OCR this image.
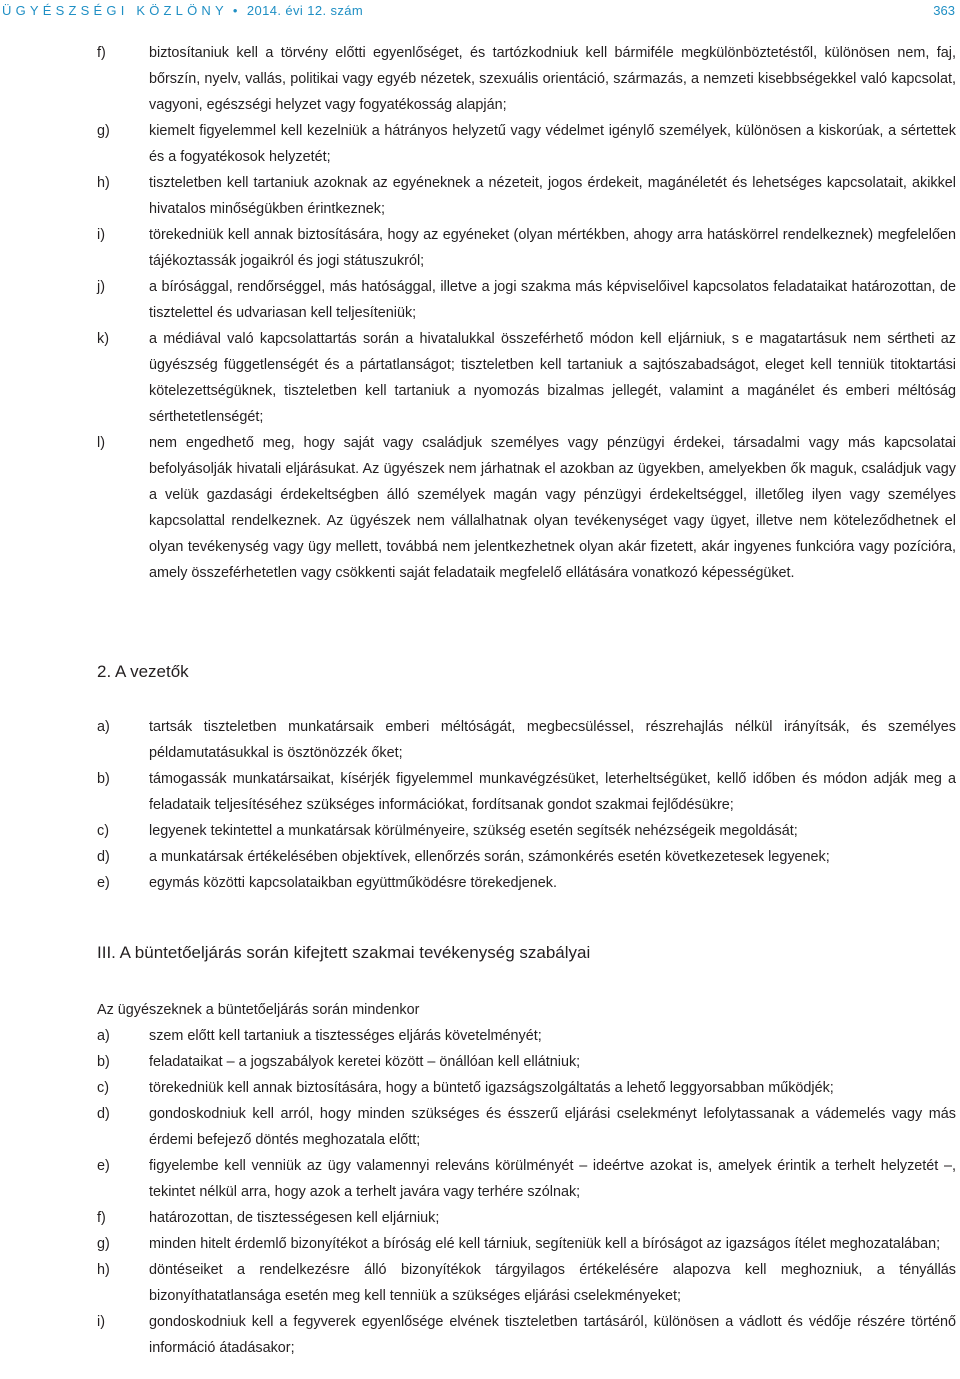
ÜGYÉSZSÉGI KÖZLÖNY • 2014. évi 12. szám	363
f)	biztosítaniuk kell a törvény előtti egyenlőséget, és tartózkodniuk kell bármiféle megkülönböztetéstől, különösen nem, faj, bőrszín, nyelv, vallás, politikai vagy egyéb nézetek, szexuális orientáció, származás, a nemzeti kisebbségekkel való kapcsolat, vagyoni, egészségi helyzet vagy fogyatékosság alapján;
g)	kiemelt figyelemmel kell kezelniük a hátrányos helyzetű vagy védelmet igénylő személyek, különösen a kiskorúak, a sértettek és a fogyatékosok helyzetét;
h)	tiszteletben kell tartaniuk azoknak az egyéneknek a nézeteit, jogos érdekeit, magánéletét és lehetséges kapcsolatait, akikkel hivatalos minőségükben érintkeznek;
i)	törekedniük kell annak biztosítására, hogy az egyéneket (olyan mértékben, ahogy arra hatáskörrel rendelkeznek) megfelelően tájékoztassák jogaikról és jogi státuszukról;
j)	a bírósággal, rendőrséggel, más hatósággal, illetve a jogi szakma más képviselőivel kapcsolatos feladataikat határozottan, de tisztelettel és udvariasan kell teljesíteniük;
k)	a médiával való kapcsolattartás során a hivatalukkal összeférhető módon kell eljárniuk, s e magatartásuk nem sértheti az ügyészség függetlenségét és a pártatlanságot; tiszteletben kell tartaniuk a sajtószabadságot, eleget kell tenniük titoktartási kötelezettségüknek, tiszteletben kell tartaniuk a nyomozás bizalmas jellegét, valamint a magánélet és emberi méltóság sérthetetlenségét;
l)	nem engedhető meg, hogy saját vagy családjuk személyes vagy pénzügyi érdekei, társadalmi vagy más kapcsolatai befolyásolják hivatali eljárásukat. Az ügyészek nem járhatnak el azokban az ügyekben, amelyekben ők maguk, családjuk vagy a velük gazdasági érdekeltségben álló személyek magán vagy pénzügyi érdekeltséggel, illetőleg ilyen vagy személyes kapcsolattal rendelkeznek. Az ügyészek nem vállalhatnak olyan tevékenységet vagy ügyet, illetve nem köteleződhetnek el olyan tevékenység vagy ügy mellett, továbbá nem jelentkezhetnek olyan akár fizetett, akár ingyenes funkcióra vagy pozícióra, amely összeférhetetlen vagy csökkenti saját feladataik megfelelő ellátására vonatkozó képességüket.
2. A vezetők
a)	tartsák tiszteletben munkatársaik emberi méltóságát, megbecsüléssel, részrehajlás nélkül irányítsák, és személyes példamutatásukkal is ösztönözzék őket;
b)	támogassák munkatársaikat, kísérjék figyelemmel munkavégzésüket, leterheltségüket, kellő időben és módon adják meg a feladataik teljesítéséhez szükséges információkat, fordítsanak gondot szakmai fejlődésükre;
c)	legyenek tekintettel a munkatársak körülményeire, szükség esetén segítsék nehézségeik megoldását;
d)	a munkatársak értékelésében objektívek, ellenőrzés során, számonkérés esetén következetesek legyenek;
e)	egymás közötti kapcsolataikban együttműködésre törekedjenek.
III. A büntetőeljárás során kifejtett szakmai tevékenység szabályai
Az ügyészeknek a büntetőeljárás során mindenkor
a)	szem előtt kell tartaniuk a tisztességes eljárás követelményét;
b)	feladataikat – a jogszabályok keretei között – önállóan kell ellátniuk;
c)	törekedniük kell annak biztosítására, hogy a büntető igazságszolgáltatás a lehető leggyorsabban működjék;
d)	gondoskodniuk kell arról, hogy minden szükséges és ésszerű eljárási cselekményt lefolytassanak a vádemelés vagy más érdemi befejező döntés meghozatala előtt;
e)	figyelembe kell venniük az ügy valamennyi releváns körülményét – ideértve azokat is, amelyek érintik a terhelt helyzetét –, tekintet nélkül arra, hogy azok a terhelt javára vagy terhére szólnak;
f)	határozottan, de tisztességesen kell eljárniuk;
g)	minden hitelt érdemlő bizonyítékot a bíróság elé kell tárniuk, segíteniük kell a bíróságot az igazságos ítélet meghozatalában;
h)	döntéseiket a rendelkezésre álló bizonyítékok tárgyilagos értékelésére alapozva kell meghozniuk, a tényállás bizonyíthatatlansága esetén meg kell tenniük a szükséges eljárási cselekményeket;
i)	gondoskodniuk kell a fegyverek egyenlősége elvének tiszteletben tartásáról, különösen a vádlott és védője részére történő információ átadásakor;
